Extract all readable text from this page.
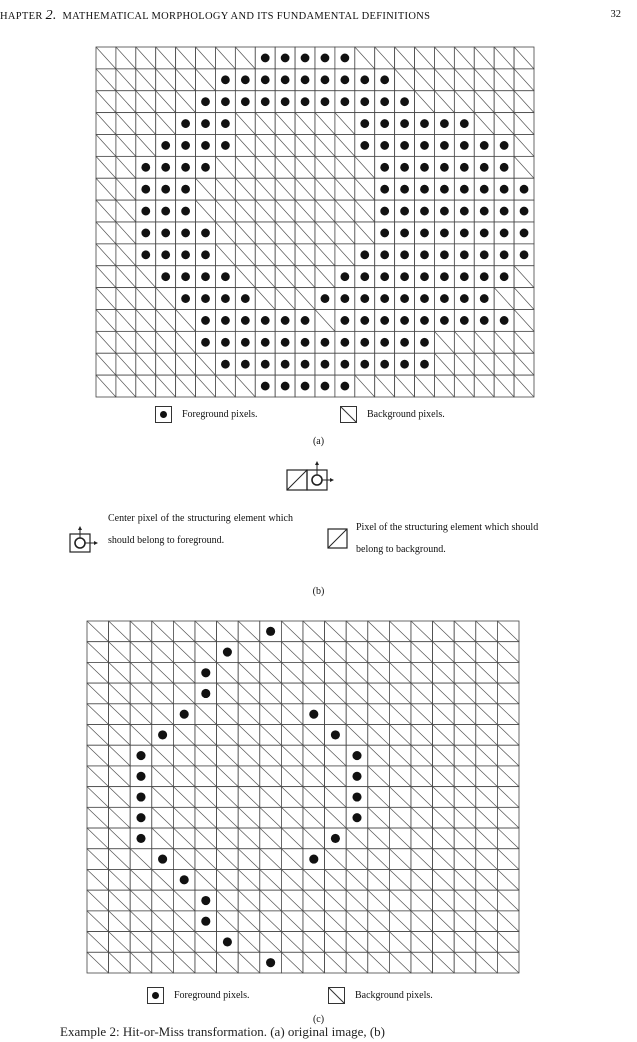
HAPTER 2. MATHEMATICAL MORPHOLOGY AND ITS FUNDAMENTAL DEFINITIONS	32
Foreground pixels.	Background pixels.
(a)
Center pixel of the structuring element which should belong to foreground.
Pixel of the structuring element which should belong to background.
(b)
Foreground pixels.	Background pixels.
(c)
Example 2: Hit-or-Miss transformation. (a) original image, (b)
